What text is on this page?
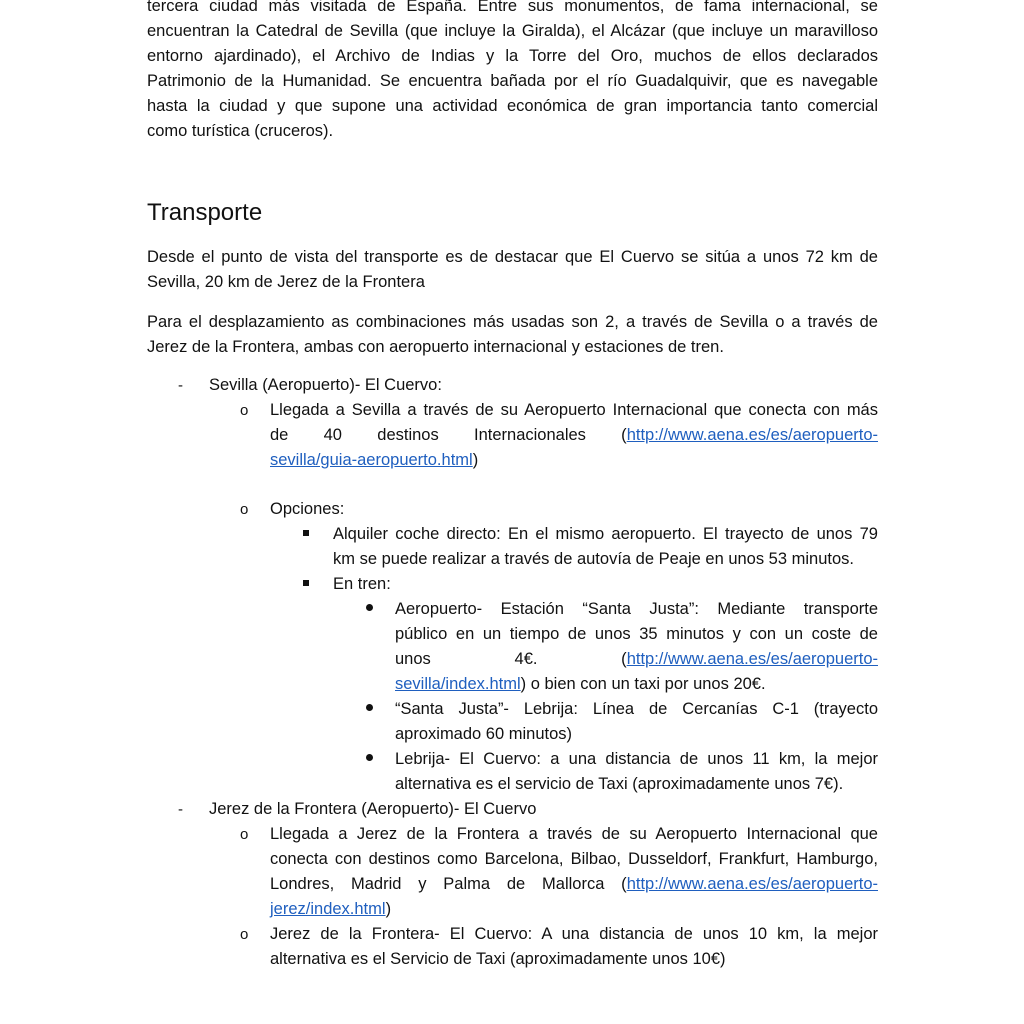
tercera ciudad más visitada de España. Entre sus monumentos, de fama internacional, se
encuentran la Catedral de Sevilla (que incluye la Giralda), el Alcázar (que incluye un maravilloso
entorno ajardinado), el Archivo de Indias y la Torre del Oro, muchos de ellos declarados
Patrimonio de la Humanidad. Se encuentra bañada por el río Guadalquivir, que es navegable
hasta la ciudad y que supone una actividad económica de gran importancia tanto comercial
como turística (cruceros).
Transporte
Desde el punto de vista del transporte es de destacar que El Cuervo se sitúa a unos 72 km de
Sevilla, 20 km de Jerez de la Frontera
Para el desplazamiento as combinaciones más usadas son 2, a través de Sevilla o a través de
Jerez de la Frontera, ambas con aeropuerto internacional y estaciones de tren.
- Sevilla (Aeropuerto)- El Cuervo:

o Llegada a Sevilla a través de su Aeropuerto Internacional que conecta con más
de 40 destinos Internacionales (http://www.aena.es/es/aeropuerto-
sevilla/guia-aeropuerto.html)
o Opciones:

Alquiler coche directo: En el mismo aeropuerto. El trayecto de unos 79
km se puede realizar a través de autovía de Peaje en unos 53 minutos.

En tren:

Aeropuerto- Estación “Santa Justa”: Mediante transporte
público en un tiempo de unos 35 minutos y con un coste de
unos 4€. (http://www.aena.es/es/aeropuerto-
sevilla/index.html) o bien con un taxi por unos 20€.
“Santa Justa”- Lebrija: Línea de Cercanías C-1 (trayecto
aproximado 60 minutos)
Lebrija- El Cuervo: a una distancia de unos 11 km, la mejor
alternativa es el servicio de Taxi (aproximadamente unos 7€).
- Jerez de la Frontera (Aeropuerto)- El Cuervo

o Llegada a Jerez de la Frontera a través de su Aeropuerto Internacional que
conecta con destinos como Barcelona, Bilbao, Dusseldorf, Frankfurt, Hamburgo,
Londres, Madrid y Palma de Mallorca (http://www.aena.es/es/aeropuerto-
jerez/index.html)
o Jerez de la Frontera- El Cuervo: A una distancia de unos 10 km, la mejor
alternativa es el Servicio de Taxi (aproximadamente unos 10€)
